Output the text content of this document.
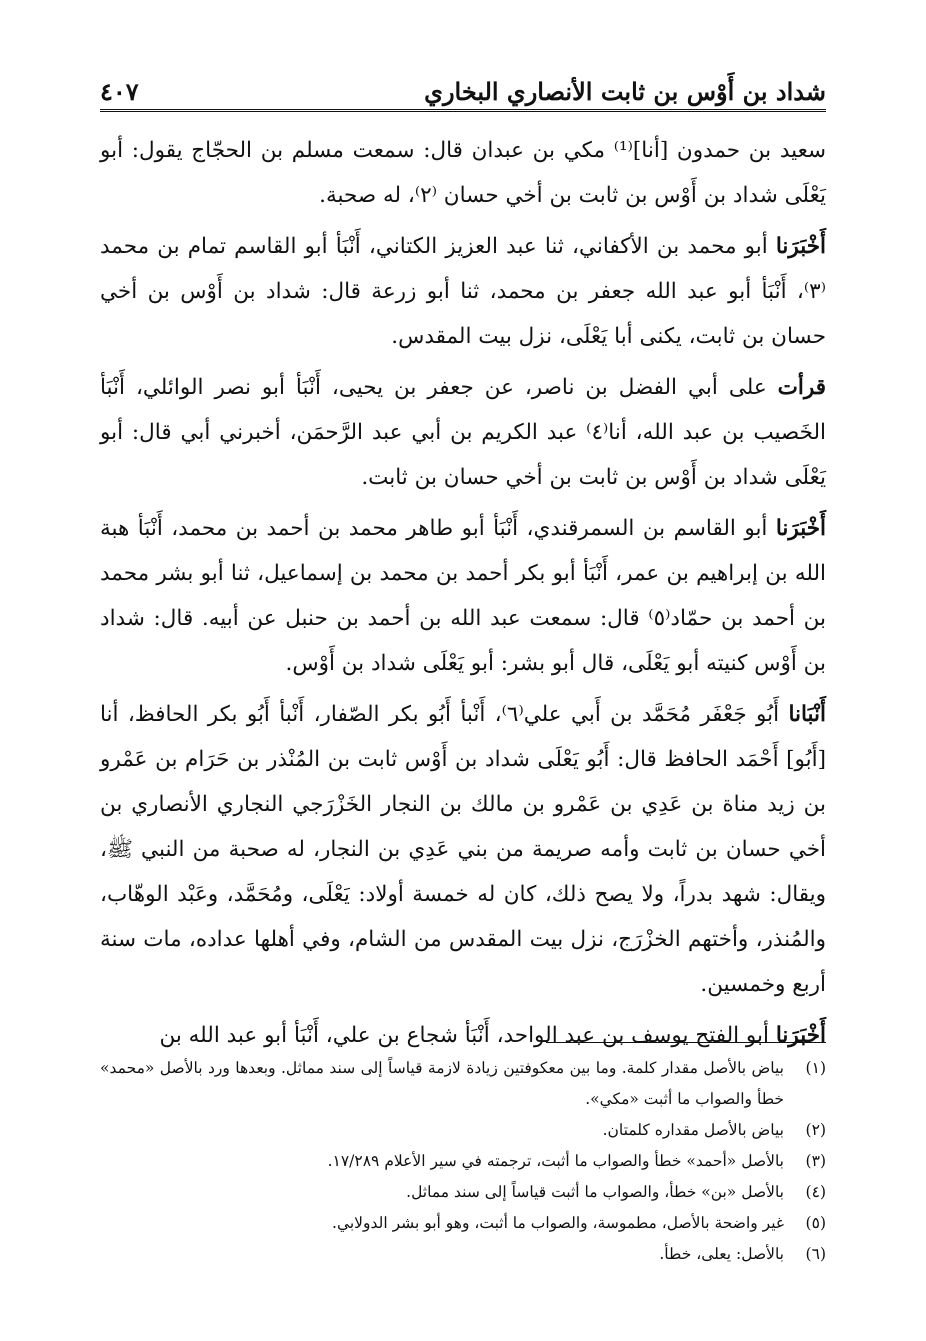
شداد بن أَوْس بن ثابت الأنصاري البخاري
٤٠٧

سعيد بن حمدون [أنا]⁽¹⁾ مكي بن عبدان قال: سمعت مسلم بن الحجّاج يقول: أبو يَعْلَى شداد بن أَوْس بن ثابت بن أخي حسان ⁽٢⁾، له صحبة.

أَخْبَرَنا أبو محمد بن الأكفاني، ثنا عبد العزيز الكتاني، أَنْبَأ أبو القاسم تمام بن محمد ⁽٣⁾، أَنْبَأ أبو عبد الله جعفر بن محمد، ثنا أبو زرعة قال: شداد بن أَوْس بن أخي حسان بن ثابت، يكنى أبا يَعْلَى، نزل بيت المقدس.

قرأت على أبي الفضل بن ناصر، عن جعفر بن يحيى، أَنْبَأ أبو نصر الوائلي، أَنْبَأ الخَصيب بن عبد الله، أنا⁽٤⁾ عبد الكريم بن أبي عبد الرَّحمَن، أخبرني أبي قال: أبو يَعْلَى شداد بن أَوْس بن ثابت بن أخي حسان بن ثابت.

أَخْبَرَنا أبو القاسم بن السمرقندي، أَنْبَأ أبو طاهر محمد بن أحمد بن محمد، أَنْبَأ هبة الله بن إبراهيم بن عمر، أَنْبَأ أبو بكر أحمد بن محمد بن إسماعيل، ثنا أبو بشر محمد بن أحمد بن حمّاد⁽٥⁾ قال: سمعت عبد الله بن أحمد بن حنبل عن أبيه. قال: شداد بن أَوْس كنيته أبو يَعْلَى، قال أبو بشر: أبو يَعْلَى شداد بن أَوْس.

أَنْبَانا أَبُو جَعْفَر مُحَمَّد بن أَبي علي⁽٦⁾، أَنْبأ أَبُو بكر الصّفار، أَنْبأ أَبُو بكر الحافظ، أنا [أَبُو] أَحْمَد الحافظ قال: أَبُو يَعْلَى شداد بن أَوْس ثابت بن المُنْذر بن حَرَام بن عَمْرو بن زيد مناة بن عَدِي بن عَمْرو بن مالك بن النجار الخَزْرَجي النجاري الأنصاري بن أخي حسان بن ثابت وأمه صريمة من بني عَدِي بن النجار، له صحبة من النبي ﷺ، ويقال: شهد بدراً، ولا يصح ذلك، كان له خمسة أولاد: يَعْلَى، ومُحَمَّد، وعَبْد الوهّاب، والمُنذر، وأختهم الخزْرَج، نزل بيت المقدس من الشام، وفي أهلها عداده، مات سنة أربع وخمسين.

أَخْبَرَنا أبو الفتح يوسف بن عبد الواحد، أَنْبَأ شجاع بن علي، أَنْبَأ أبو عبد الله بن

(١)
بياض بالأصل مقدار كلمة. وما بين معكوفتين زيادة لازمة قياساً إلى سند مماثل. وبعدها ورد بالأصل «محمد» خطأ والصواب ما أثبت «مكي».
(٢)
بياض بالأصل مقداره كلمتان.
(٣)
بالأصل «أحمد» خطأ والصواب ما أثبت، ترجمته في سير الأعلام ١٧/٢٨٩.
(٤)
بالأصل «بن» خطأ، والصواب ما أثبت قياساً إلى سند مماثل.
(٥)
غير واضحة بالأصل، مطموسة، والصواب ما أثبت، وهو أبو بشر الدولابي.
(٦)
بالأصل: يعلى، خطأ.
